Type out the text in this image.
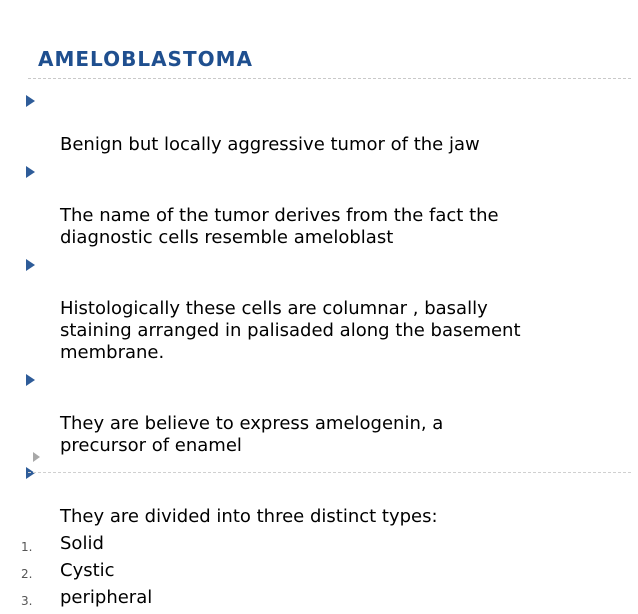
AMELOBLASTOMA

Benign but locally aggressive tumor of the jaw

The name of the tumor derives from the fact the
diagnostic cells resemble ameloblast

Histologically these cells are columnar , basally
staining arranged in palisaded along the basement
membrane.

They are believe to express amelogenin, a
precursor of enamel

They are divided into three distinct types:

1. Solid
2. Cystic
3. peripheral
